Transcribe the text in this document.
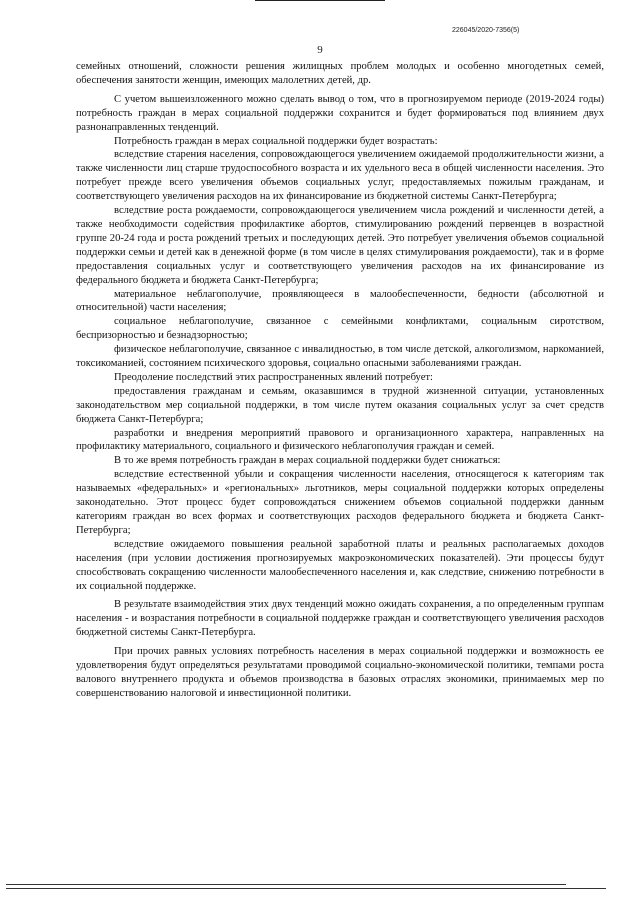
226045/2020-7356(5)
9

семейных отношений, сложности решения жилищных проблем молодых и особенно многодетных семей, обеспечения занятости женщин, имеющих малолетних детей, др.

С учетом вышеизложенного можно сделать вывод о том, что в прогнозируемом периоде (2019-2024 годы) потребность граждан в мерах социальной поддержки сохранится и будет формироваться под влиянием двух разнонаправленных тенденций.

Потребность граждан в мерах социальной поддержки будет возрастать:

вследствие старения населения, сопровождающегося увеличением ожидаемой продолжительности жизни, а также численности лиц старше трудоспособного возраста и их удельного веса в общей численности населения. Это потребует прежде всего увеличения объемов социальных услуг, предоставляемых пожилым гражданам, и соответствующего увеличения расходов на их финансирование из бюджетной системы Санкт-Петербурга;

вследствие роста рождаемости, сопровождающегося увеличением числа рождений и численности детей, а также необходимости содействия профилактике абортов, стимулированию рождений первенцев в возрастной группе 20-24 года и роста рождений третьих и последующих детей. Это потребует увеличения объемов социальной поддержки семьи и детей как в денежной форме (в том числе в целях стимулирования рождаемости), так и в форме предоставления социальных услуг и соответствующего увеличения расходов на их финансирование из федерального бюджета и бюджета Санкт-Петербурга;

материальное неблагополучие, проявляющееся в малообеспеченности, бедности (абсолютной и относительной) части населения;

социальное неблагополучие, связанное с семейными конфликтами, социальным сиротством, беспризорностью и безнадзорностью;

физическое неблагополучие, связанное с инвалидностью, в том числе детской, алкоголизмом, наркоманией, токсикоманией, состоянием психического здоровья, социально опасными заболеваниями граждан.

Преодоление последствий этих распространенных явлений потребует:

предоставления гражданам и семьям, оказавшимся в трудной жизненной ситуации, установленных законодательством мер социальной поддержки, в том числе путем оказания социальных услуг за счет средств бюджета Санкт-Петербурга;

разработки и внедрения мероприятий правового и организационного характера, направленных на профилактику материального, социального и физического неблагополучия граждан и семей.

В то же время потребность граждан в мерах социальной поддержки будет снижаться:

вследствие естественной убыли и сокращения численности населения, относящегося к категориям так называемых «федеральных» и «региональных» льготников, меры социальной поддержки которых определены законодательно. Этот процесс будет сопровождаться снижением объемов социальной поддержки данным категориям граждан во всех формах и соответствующих расходов федерального бюджета и бюджета Санкт-Петербурга;

вследствие ожидаемого повышения реальной заработной платы и реальных располагаемых доходов населения (при условии достижения прогнозируемых макроэкономических показателей). Эти процессы будут способствовать сокращению численности малообеспеченного населения и, как следствие, снижению потребности в их социальной поддержке.

В результате взаимодействия этих двух тенденций можно ожидать сохранения, а по определенным группам населения - и возрастания потребности в социальной поддержке граждан и соответствующего увеличения расходов бюджетной системы Санкт-Петербурга.

При прочих равных условиях потребность населения в мерах социальной поддержки и возможность ее удовлетворения будут определяться результатами проводимой социально-экономической политики, темпами роста валового внутреннего продукта и объемов производства в базовых отраслях экономики, принимаемых мер по совершенствованию налоговой и инвестиционной политики.
